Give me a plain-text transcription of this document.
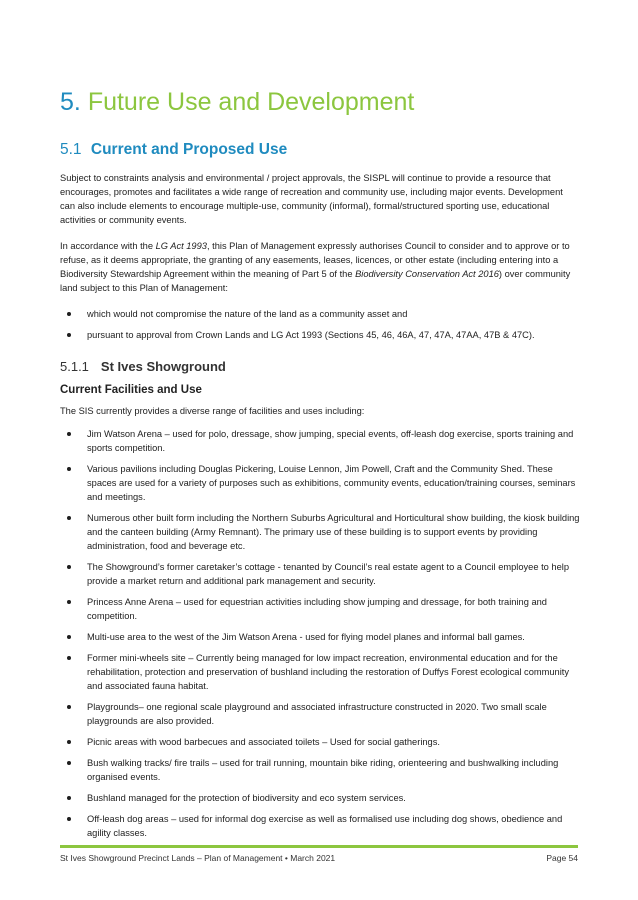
5. Future Use and Development
5.1 Current and Proposed Use

Subject to constraints analysis and environmental / project approvals, the SISPL will continue to provide a resource that encourages, promotes and facilitates a wide range of recreation and community use, including major events. Development can also include elements to encourage multiple-use, community (informal), formal/structured sporting use, educational activities or community events.

In accordance with the LG Act 1993, this Plan of Management expressly authorises Council to consider and to approve or to refuse, as it deems appropriate, the granting of any easements, leases, licences, or other estate (including entering into a Biodiversity Stewardship Agreement within the meaning of Part 5 of the Biodiversity Conservation Act 2016) over community land subject to this Plan of Management:

which would not compromise the nature of the land as a community asset and
pursuant to approval from Crown Lands and LG Act 1993 (Sections 45, 46, 46A, 47, 47A, 47AA, 47B & 47C).
5.1.1 St Ives Showground
Current Facilities and Use

The SIS currently provides a diverse range of facilities and uses including:

Jim Watson Arena – used for polo, dressage, show jumping, special events, off-leash dog exercise, sports training and sports competition.
Various pavilions including Douglas Pickering, Louise Lennon, Jim Powell, Craft and the Community Shed. These spaces are used for a variety of purposes such as exhibitions, community events, education/training courses, seminars and meetings.
Numerous other built form including the Northern Suburbs Agricultural and Horticultural show building, the kiosk building and the canteen building (Army Remnant). The primary use of these building is to support events by providing administration, food and beverage etc.
The Showground’s former caretaker’s cottage - tenanted by Council’s real estate agent to a Council employee to help provide a market return and additional park management and security.
Princess Anne Arena – used for equestrian activities including show jumping and dressage, for both training and competition.
Multi-use area to the west of the Jim Watson Arena - used for flying model planes and informal ball games.
Former mini-wheels site – Currently being managed for low impact recreation, environmental education and for the rehabilitation, protection and preservation of bushland including the restoration of Duffys Forest ecological community and associated fauna habitat.
Playgrounds– one regional scale playground and associated infrastructure constructed in 2020. Two small scale playgrounds are also provided.
Picnic areas with wood barbecues and associated toilets – Used for social gatherings.
Bush walking tracks/ fire trails – used for trail running, mountain bike riding, orienteering and bushwalking including organised events.
Bushland managed for the protection of biodiversity and eco system services.
Off-leash dog areas – used for informal dog exercise as well as formalised use including dog shows, obedience and agility classes.
St Ives Showground Precinct Lands – Plan of Management • March 2021	Page 54
